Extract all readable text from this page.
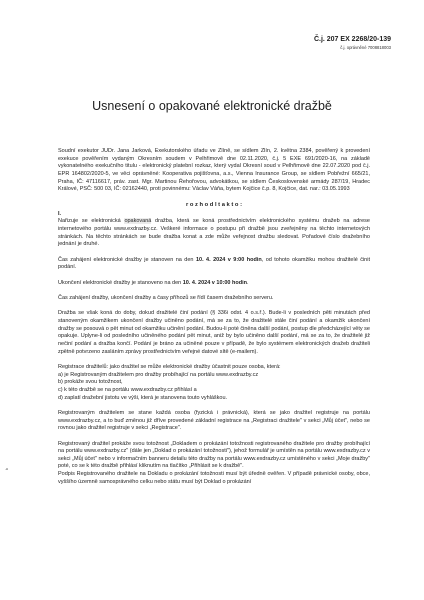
Č.j. 207 EX 2268/20-139
č.j. oprávněné 7008818003
Usnesení o opakované elektronické dražbě

Soudní exekutor JUDr. Jana Jarková, Exekutorského úřadu ve Zlíně, se sídlem Zlín, 2. května 2384, pověřený k provedení exekuce pověřením vydaným Okresním soudem v Pelhřimově dne 02.11.2020, č.j. 5 EXE 691/2020-16, na základě vykonatelného exekučního titulu - elektronický platební rozkaz, který vydal Okresní soud v Pelhřimově dne 22.07.2020 pod č.j. EPR 164802/2020-5, ve věci oprávněné: Kooperativa pojišťovna, a.s., Vienna Insurance Group, se sídlem Pobřežní 665/21, Praha, IČ: 47116617, práv. zast. Mgr. Martinou Řehořovou, advokátkou, se sídlem Československé armády 287/19, Hradec Králové, PSČ: 500 03, IČ: 02162440, proti povinnému: Václav Váňa, bytem Kojčice č.p. 8, Kojčice, dat. nar.: 03.05.1993

r o z h o d l t a k t o :
I.

Nařizuje se elektronická opakovaná dražba, která se koná prostřednictvím elektronického systému dražeb na adrese internetového portálu www.exdrazby.cz. Veškeré informace o postupu při dražbě jsou zveřejněny na těchto internetových stránkách. Na těchto stránkách se bude dražba konat a zde může veřejnost dražbu sledovat. Pořadové číslo dražebního jednání je druhé.

Čas zahájení elektronické dražby je stanoven na den 10. 4. 2024 v 9:00 hodin, od tohoto okamžiku mohou dražitelé činit podání.

Ukončení elektronické dražby je stanoveno na den 10. 4. 2024 v 10:00 hodin.

Čas zahájení dražby, ukončení dražby a časy příhozů se řídí časem dražebního serveru.

Dražba se však koná do doby, dokud dražitelé činí podání (§ 336i odst. 4 o.s.ř.). Bude-li v posledních pěti minutách před stanoveným okamžikem ukončení dražby učiněno podání, má se za to, že dražitelé stále činí podání a okamžik ukončení dražby se posouvá o pět minut od okamžiku učinění podání. Budou-li poté činěna další podání, postup dle předcházející věty se opakuje. Uplyne-li od posledního učiněného podání pět minut, aniž by bylo učiněno další podání, má se za to, že dražitelé již nečiní podání a dražba končí. Podání je bráno za učiněné pouze v případě, že bylo systémem elektronických dražeb dražiteli zpětně potvrzeno zasláním zprávy prostřednictvím veřejné datové sítě (e-mailem).

Registrace dražitelů: jako dražitel se může elektronické dražby účastnit pouze osoba, která:

a) je Registrovaným dražitelem pro dražby probíhající na portálu www.exdrazby.cz
b) prokáže svou totožnost,
c) k této dražbě se na portálu www.exdrazby.cz přihlásí a
d) zaplatí dražební jistotu ve výši, která je stanovena touto vyhláškou.

Registrovaným dražitelem se stane každá osoba (fyzická i právnická), která se jako dražitel registruje na portálu www.exdrazby.cz, a to buď změnou již dříve provedené základní registrace na „Registraci dražitele" v sekci „Můj účet", nebo se rovnou jako dražitel registruje v sekci „Registrace".

Registrovaný dražitel prokáže svou totožnost „Dokladem o prokázání totožnosti registrovaného dražitele pro dražby probíhající na portálu www.exdrazby.cz" (dále jen „Doklad o prokázání totožnosti"), jehož formulář je umístěn na portálu www.exdrazby.cz v sekci „Můj účet" nebo v informačním banneru detailu této dražby na portálu www.exdrazby.cz umístěného v sekci „Moje dražby" poté, co se k této dražbě přihlásí kliknutím na tlačítko „Přihlásit se k dražbě".

Podpis Registrovaného dražitele na Dokladu o prokázání totožnosti musí být úředně ověřen. V případě právnické osoby, obce, vyššího územně samosprávného celku nebo státu musí být Doklad o prokázání

k
